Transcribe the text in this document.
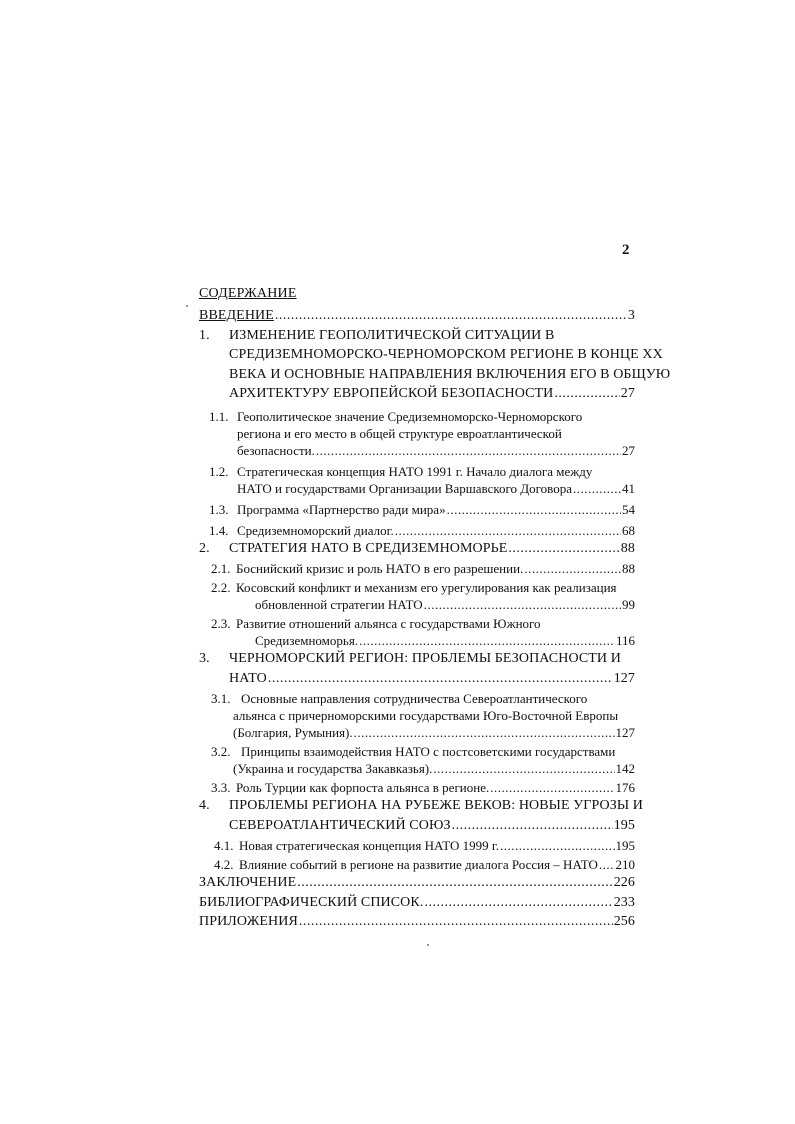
2
СОДЕРЖАНИЕ
ВВЕДЕНИЕ .....	3
1.	ИЗМЕНЕНИЕ ГЕОПОЛИТИЧЕСКОЙ СИТУАЦИИ В
СРЕДИЗЕМНОМОРСКО-ЧЕРНОМОРСКОМ РЕГИОНЕ В КОНЦЕ XX
ВЕКА И ОСНОВНЫЕ НАПРАВЛЕНИЯ ВКЛЮЧЕНИЯ ЕГО В ОБЩУЮ
АРХИТЕКТУРУ ЕВРОПЕЙСКОЙ БЕЗОПАСНОСТИ .....	27
1.1. Геополитическое значение Средиземноморско-Черноморского
региона и его место в общей структуре евроатлантической
безопасности. .....	27
1.2. Стратегическая концепция НАТО 1991 г. Начало диалога между
НАТО и государствами Организации Варшавского Договора .....	41
1.3. Программа «Партнерство ради мира» .....	54
1.4. Средиземноморский диалог. .....	68
2. СТРАТЕГИЯ НАТО В СРЕДИЗЕМНОМОРЬЕ .....	88
2.1. Боснийский кризис и роль НАТО в его разрешении. .....	88
2.2. Косовский конфликт и механизм его урегулирования как реализация
обновленной стратегии НАТО .....	99
2.3. Развитие отношений альянса с государствами Южного
Средиземноморья. .....	116
3.	ЧЕРНОМОРСКИЙ РЕГИОН: ПРОБЛЕМЫ БЕЗОПАСНОСТИ И
НАТО .....	127
3.1. Основные направления сотрудничества Североатлантического
альянса с причерноморскими государствами Юго-Восточной Европы
(Болгария, Румыния). .....	127
3.2. Принципы взаимодействия НАТО с постсоветскими государствами
(Украина и государства Закавказья). .....	142
3.3. Роль Турции как форпоста альянса в регионе. .....	176
4.	ПРОБЛЕМЫ РЕГИОНА НА РУБЕЖЕ ВЕКОВ: НОВЫЕ УГРОЗЫ И
СЕВЕРОАТЛАНТИЧЕСКИЙ СОЮЗ .....	195
4.1. Новая стратегическая концепция НАТО 1999 г. .....	195
4.2. Влияние событий в регионе на развитие диалога Россия – НАТО ..... 210
ЗАКЛЮЧЕНИЕ .....	226
БИБЛИОГРАФИЧЕСКИЙ СПИСОК. .....	233
ПРИЛОЖЕНИЯ .....	256
